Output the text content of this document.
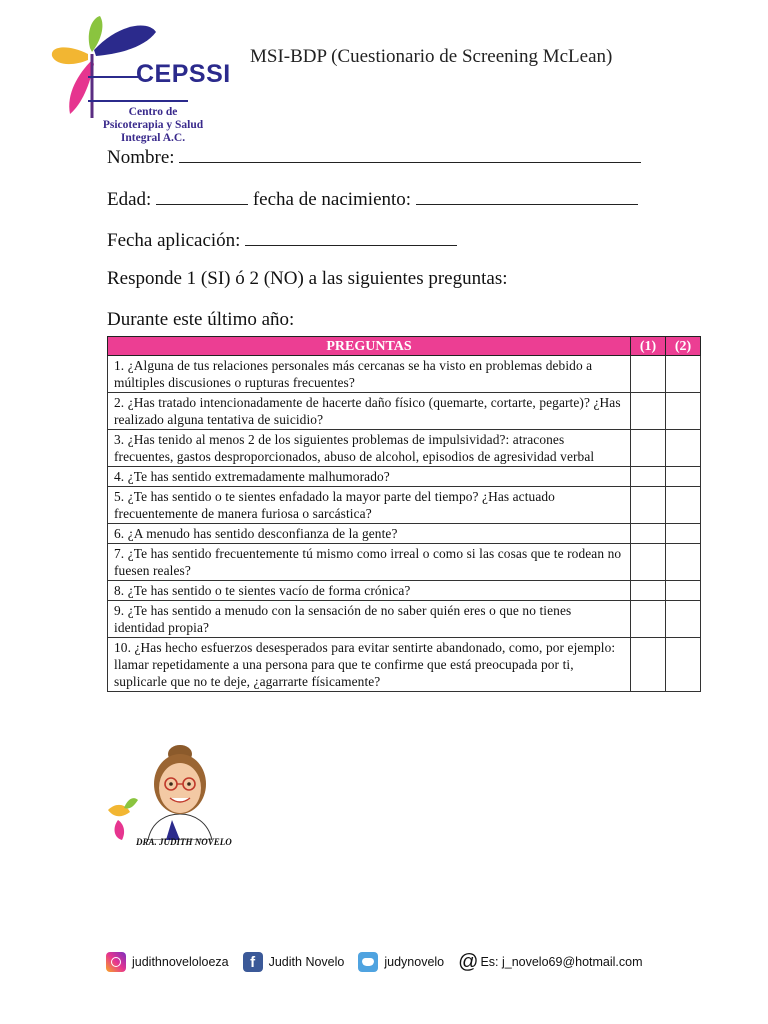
CEPSSI
Centro de Psicoterapia y Salud Integral A.C.
MSI-BDP (Cuestionario de Screening McLean)
Nombre:
Edad:	fecha de nacimiento:
Fecha aplicación:
Responde 1 (SI) ó 2 (NO) a las siguientes preguntas:
Durante este último año:
PREGUNTAS	(1)	(2)
1. ¿Alguna de tus relaciones personales más cercanas se ha visto en problemas debido a múltiples discusiones o rupturas frecuentes?		
2. ¿Has tratado intencionadamente de hacerte daño físico (quemarte, cortarte, pegarte)? ¿Has realizado alguna tentativa de suicidio?		
3. ¿Has tenido al menos 2 de los siguientes problemas de impulsividad?: atracones frecuentes, gastos desproporcionados, abuso de alcohol, episodios de agresividad verbal		
4. ¿Te has sentido extremadamente malhumorado?		
5. ¿Te has sentido o te sientes enfadado la mayor parte del tiempo? ¿Has actuado frecuentemente de manera furiosa o sarcástica?		
6. ¿A menudo has sentido desconfianza de la gente?		
7. ¿Te has sentido frecuentemente tú mismo como irreal o como si las cosas que te rodean no fuesen reales?		
8. ¿Te has sentido o te sientes vacío de forma crónica?		
9. ¿Te has sentido a menudo con la sensación de no saber quién eres o que no tienes identidad propia?		
10. ¿Has hecho esfuerzos desesperados para evitar sentirte abandonado, como, por ejemplo: llamar repetidamente a una persona para que te confirme que está preocupada por ti, suplicarle que no te deje, ¿agarrarte físicamente?		
DRA. JUDITH NOVELO
judithnoveloloeza	f	Judith Novelo	judynovelo @ Es: j_novelo69@hotmail.com
